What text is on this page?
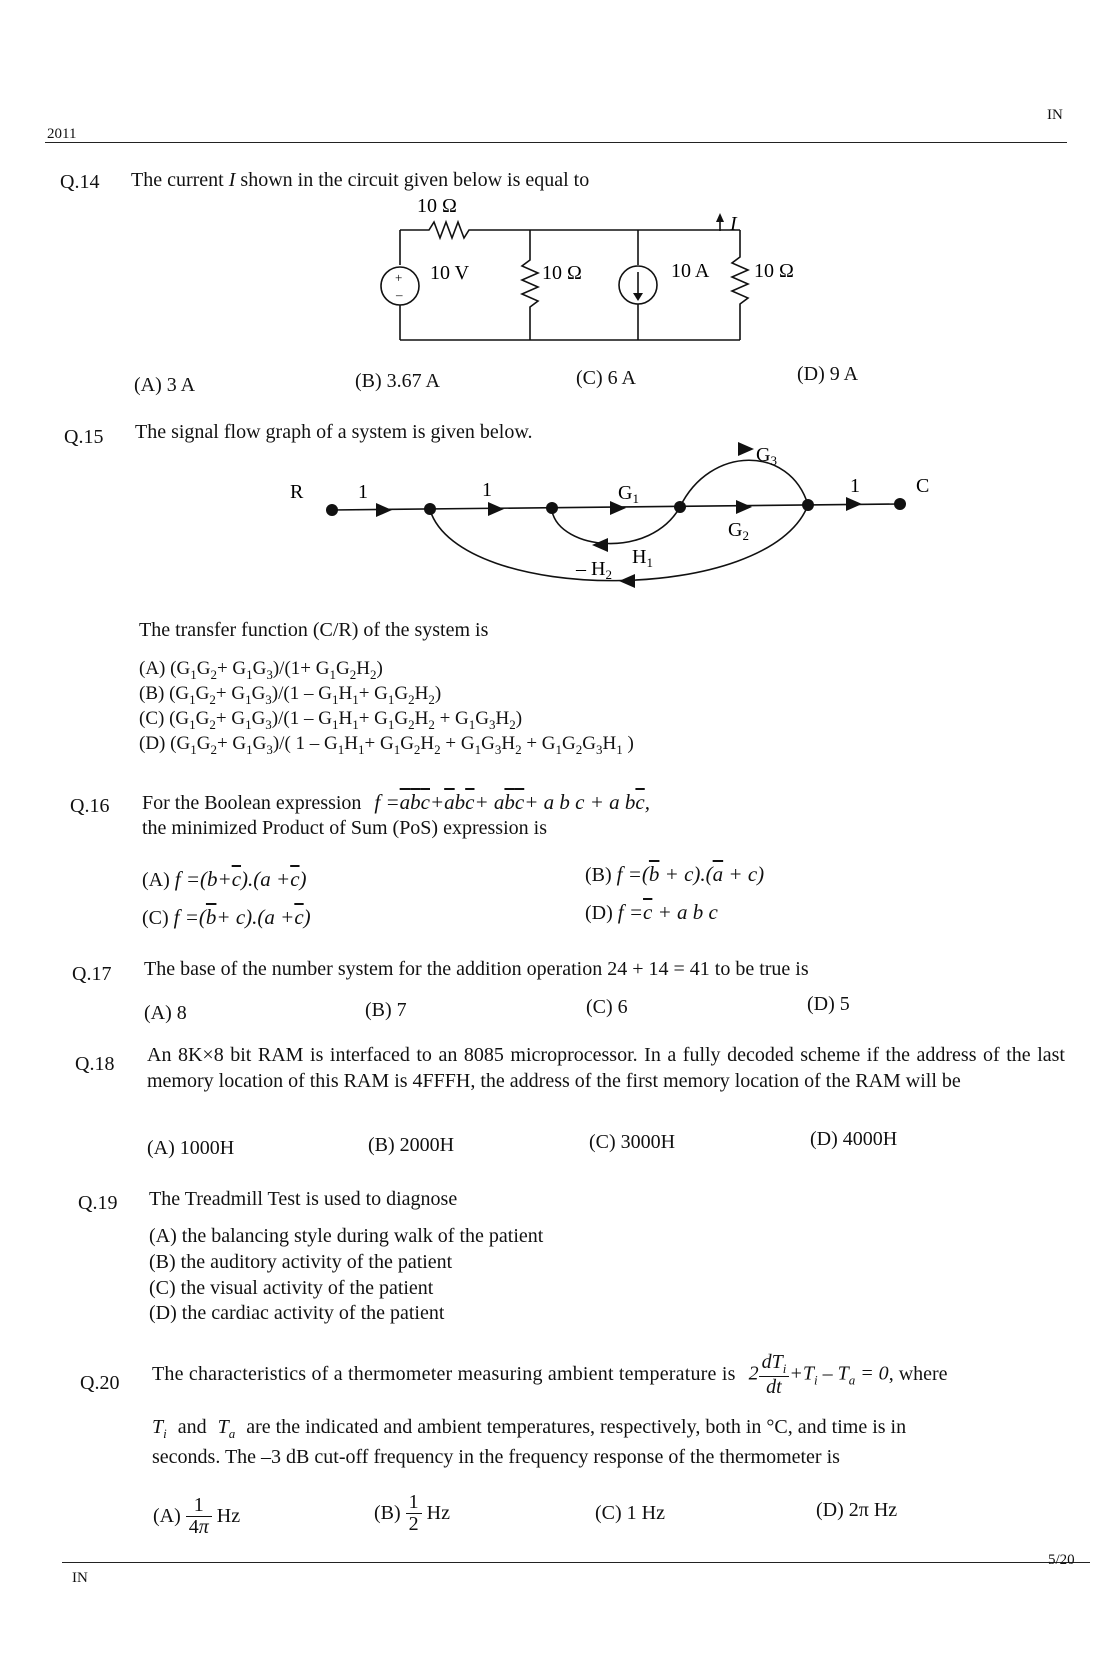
2011
IN
Q.14 The current I shown in the circuit given below is equal to
+
–
10 Ω
10 V	10 Ω	10 A 10 Ω
I
(A) 3 A	(B) 3.67 A	(C) 6 A	(D) 9 A
Q.15 The signal flow graph of a system is given below.
R	C
1	1	1
$G_1$
$G_2$
$G_3$
$H_1$
– $H_2$
The transfer function (C/R) of the system is
(A) $(G_1G_2+ G_1G_3)/(1+ G_1G_2H_2)$
(B) $(G_1G_2+ G_1G_3)/(1 - G_1H_1+ G_1G_2H_2)$
(C) $(G_1G_2+ G_1G_3)/(1 - G_1H_1+ G_1G_2H_2 + G_1G_3H_2)$
(D) $(G_1G_2+ G_1G_3)/$( $1 - G_1H_1+ G_1G_2H_2 + G_1G_3H_2 + G_1G_2G_3H_1$ )
Q.16 For the Boolean expression $f =\overline{a}\overline{b}\overline{c}+\overline{a}b\overline{c}+ a\overline{b}\overline{c}+ a$ b c + a $b\overline{c}$,
the minimized Product of Sum (PoS) expression is
(A) $f =(b+\overline{c}).(a +\overline{c})$	(B) $f =(\overline{b} + c).(\overline{a} + c)$
(C) $f =(\overline{b}+ c).(a +\overline{c})$	(D) $f =\overline{c} + a$ b c
Q.17 The base of the number system for the addition operation 24 + 14 = 41 to be true is
(A) 8	(B) 7	(C) 6	(D) 5
Q.18 An 8K×8 bit RAM is interfaced to an 8085 microprocessor. In a fully decoded scheme if the address of the last memory location of this RAM is 4FFFH, the address of the first memory location of the RAM will be
(A) 1000H	(B) 2000H	(C) 3000H	(D) 4000H
Q.19 The Treadmill Test is used to diagnose
(A) the balancing style during walk of the patient
(B) the auditory activity of the patient
(C) the visual activity of the patient
(D) the cardiac activity of the patient
Q.20 The characteristics of a thermometer measuring ambient temperature is $2 \frac{dT_i}{dt} +T_i - T_a = 0$, where
$T_i$ and $T_a$ are the indicated and ambient temperatures, respectively, both in °C, and time is in
seconds. The –3 dB cut-off frequency in the frequency response of the thermometer is
$(A) \frac{1}{4\pi}$ Hz	$(B) \frac{1}{2}$ Hz	(C) 1 Hz	(D) 2π Hz
IN
5/20
